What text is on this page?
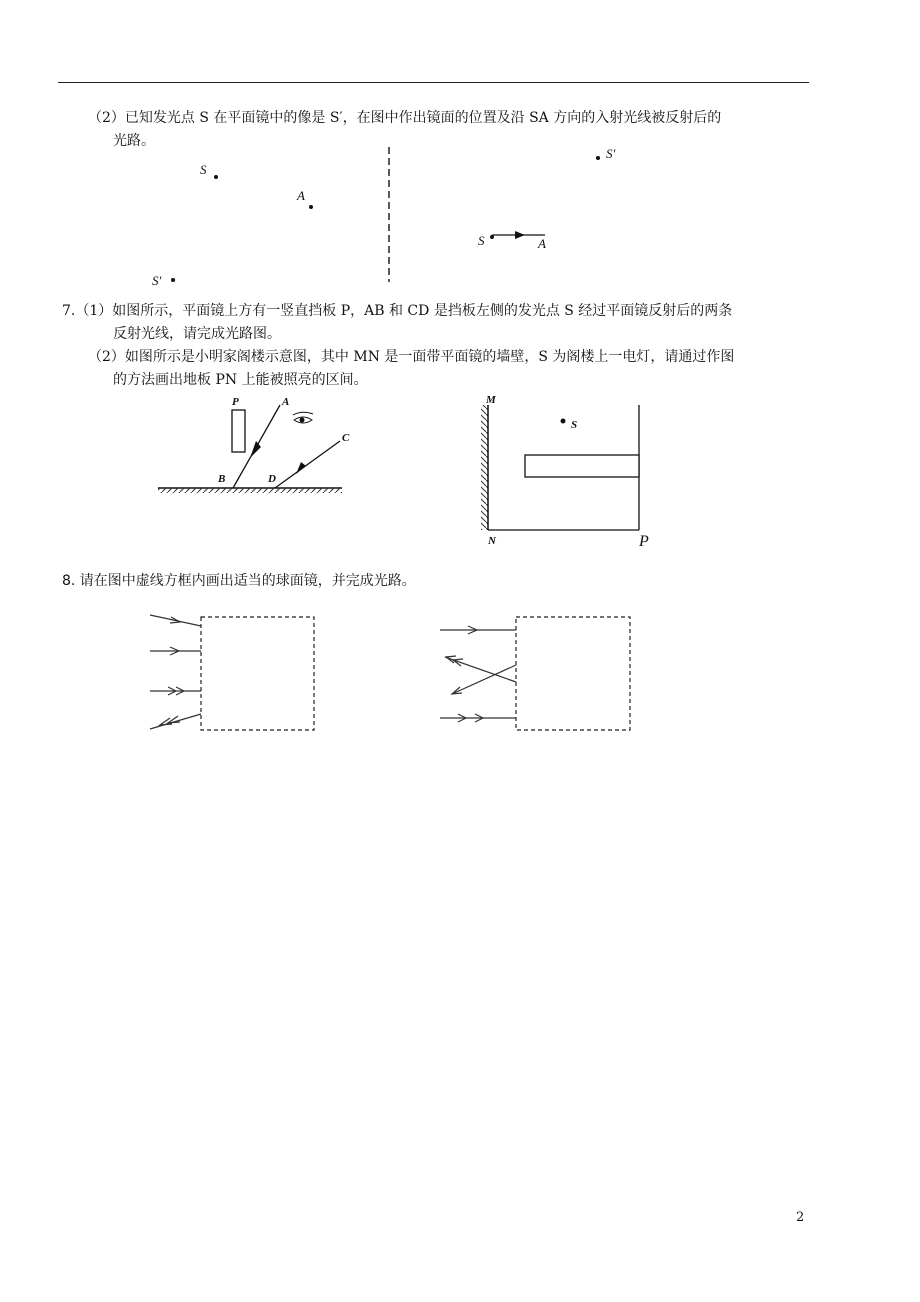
（2）已知发光点 S 在平面镜中的像是 S′，在图中作出镜面的位置及沿 SA 方向的入射光线被反射后的
光路。
7.（1）如图所示，平面镜上方有一竖直挡板 P，AB 和 CD 是挡板左侧的发光点 S 经过平面镜反射后的两条
反射光线，请完成光路图。
（2）如图所示是小明家阁楼示意图，其中 MN 是一面带平面镜的墙壁，S 为阁楼上一电灯，请通过作图
的方法画出地板 PN 上能被照亮的区间。
8. 请在图中虚线方框内画出适当的球面镜，并完成光路。
2
S
A
S′
S′
S	A
P	A
B
C
D
S
M
N	P
